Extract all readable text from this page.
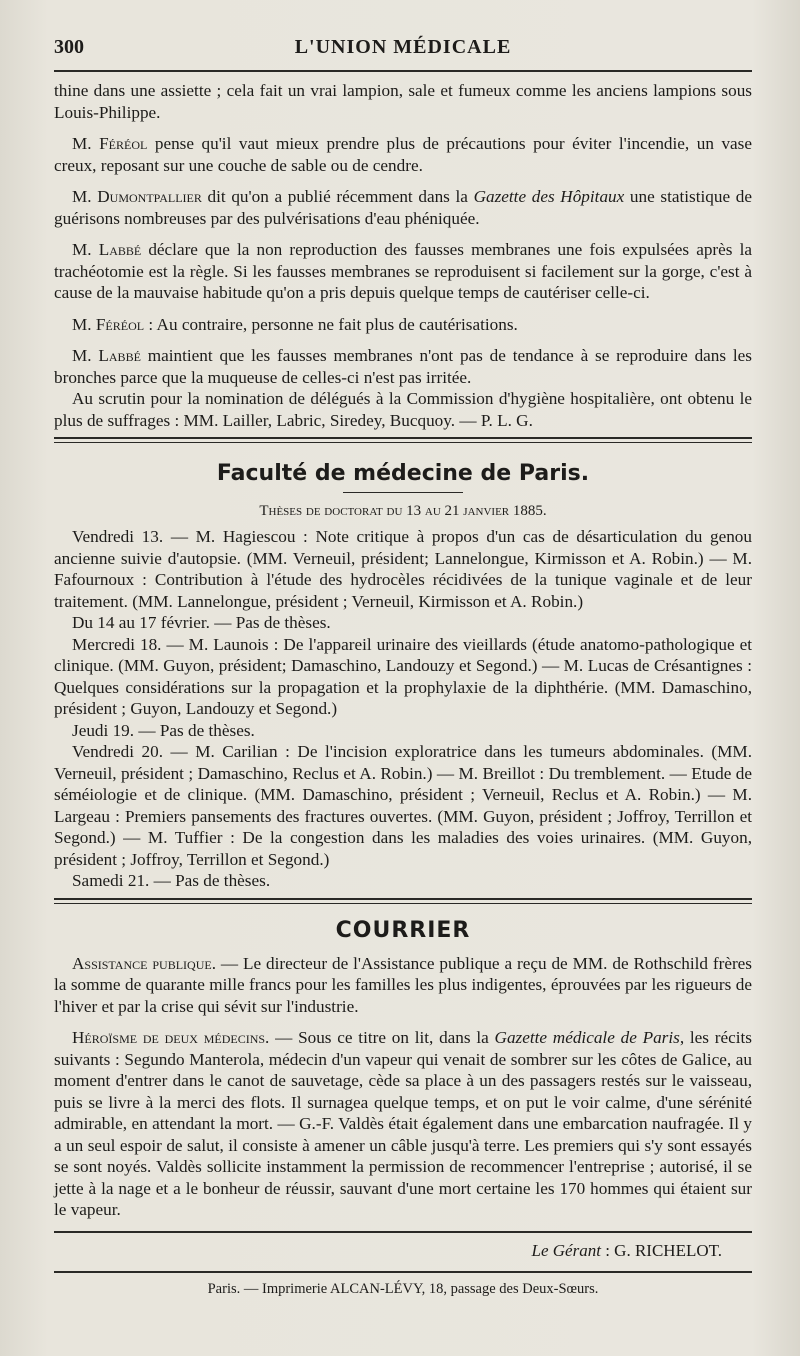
300	L'UNION MÉDICALE

thine dans une assiette ; cela fait un vrai lampion, sale et fumeux comme les anciens lampions sous Louis-Philippe.

M. Féréol pense qu'il vaut mieux prendre plus de précautions pour éviter l'incendie, un vase creux, reposant sur une couche de sable ou de cendre.

M. Dumontpallier dit qu'on a publié récemment dans la Gazette des Hôpitaux une statistique de guérisons nombreuses par des pulvérisations d'eau phéniquée.

M. Labbé déclare que la non reproduction des fausses membranes une fois expulsées après la trachéotomie est la règle. Si les fausses membranes se reproduisent si facilement sur la gorge, c'est à cause de la mauvaise habitude qu'on a pris depuis quelque temps de cautériser celle-ci.

M. Féréol : Au contraire, personne ne fait plus de cautérisations.

M. Labbé maintient que les fausses membranes n'ont pas de tendance à se reproduire dans les bronches parce que la muqueuse de celles-ci n'est pas irritée.

Au scrutin pour la nomination de délégués à la Commission d'hygiène hospitalière, ont obtenu le plus de suffrages : MM. Lailler, Labric, Siredey, Bucquoy. — P. L. G.

Faculté de médecine de Paris.
Thèses de doctorat du 13 au 21 janvier 1885.

Vendredi 13. — M. Hagiescou : Note critique à propos d'un cas de désarticulation du genou ancienne suivie d'autopsie. (MM. Verneuil, président; Lannelongue, Kirmisson et A. Robin.) — M. Fafournoux : Contribution à l'étude des hydrocèles récidivées de la tunique vaginale et de leur traitement. (MM. Lannelongue, président ; Verneuil, Kirmisson et A. Robin.)

Du 14 au 17 février. — Pas de thèses.

Mercredi 18. — M. Launois : De l'appareil urinaire des vieillards (étude anatomo-pathologique et clinique. (MM. Guyon, président; Damaschino, Landouzy et Segond.) — M. Lucas de Crésantignes : Quelques considérations sur la propagation et la prophylaxie de la diphthérie. (MM. Damaschino, président ; Guyon, Landouzy et Segond.)

Jeudi 19. — Pas de thèses.

Vendredi 20. — M. Carilian : De l'incision exploratrice dans les tumeurs abdominales. (MM. Verneuil, président ; Damaschino, Reclus et A. Robin.) — M. Breillot : Du tremblement. — Etude de séméiologie et de clinique. (MM. Damaschino, président ; Verneuil, Reclus et A. Robin.) — M. Largeau : Premiers pansements des fractures ouvertes. (MM. Guyon, président ; Joffroy, Terrillon et Segond.) — M. Tuffier : De la congestion dans les maladies des voies urinaires. (MM. Guyon, président ; Joffroy, Terrillon et Segond.)

Samedi 21. — Pas de thèses.

COURRIER

Assistance publique. — Le directeur de l'Assistance publique a reçu de MM. de Rothschild frères la somme de quarante mille francs pour les familles les plus indigentes, éprouvées par les rigueurs de l'hiver et par la crise qui sévit sur l'industrie.

Héroïsme de deux médecins. — Sous ce titre on lit, dans la Gazette médicale de Paris, les récits suivants : Segundo Manterola, médecin d'un vapeur qui venait de sombrer sur les côtes de Galice, au moment d'entrer dans le canot de sauvetage, cède sa place à un des passagers restés sur le vaisseau, puis se livre à la merci des flots. Il surnagea quelque temps, et on put le voir calme, d'une sérénité admirable, en attendant la mort. — G.-F. Valdès était également dans une embarcation naufragée. Il y a un seul espoir de salut, il consiste à amener un câble jusqu'à terre. Les premiers qui s'y sont essayés se sont noyés. Valdès sollicite instamment la permission de recommencer l'entreprise ; autorisé, il se jette à la nage et a le bonheur de réussir, sauvant d'une mort certaine les 170 hommes qui étaient sur le vapeur.

Le Gérant : G. RICHELOT.
Paris. — Imprimerie ALCAN-LÉVY, 18, passage des Deux-Sœurs.
